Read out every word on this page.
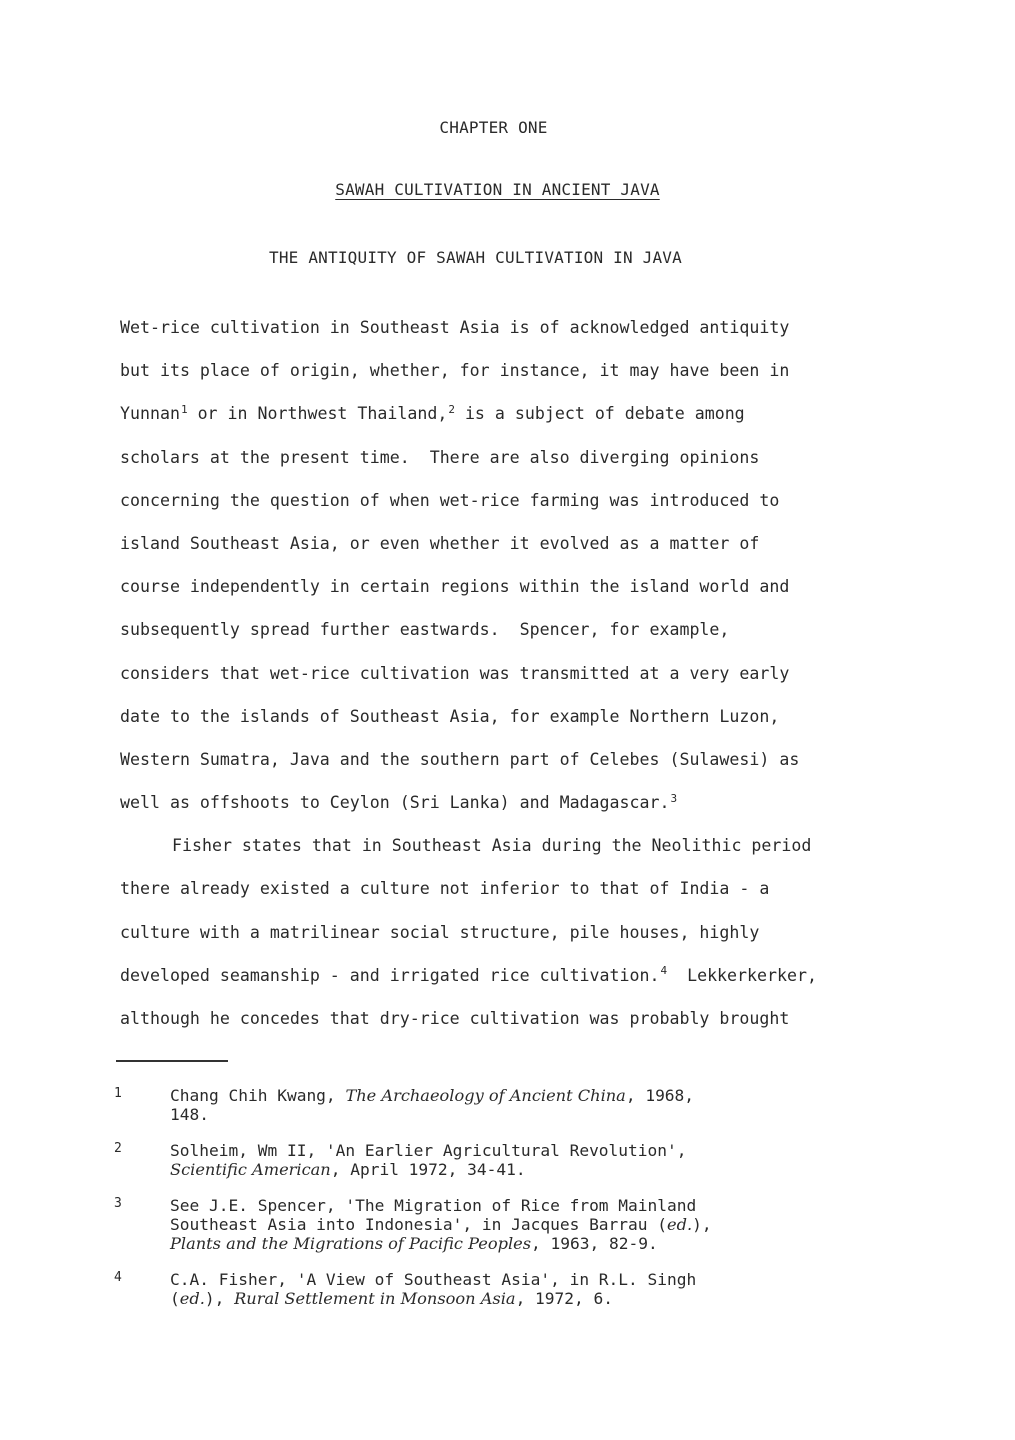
CHAPTER ONE
SAWAH CULTIVATION IN ANCIENT JAVA
THE ANTIQUITY OF SAWAH CULTIVATION IN JAVA
Wet-rice cultivation in Southeast Asia is of acknowledged antiquity
but its place of origin, whether, for instance, it may have been in
Yunnan$^1$ or in Northwest Thailand,$^2$ is a subject of debate among
scholars at the present time.  There are also diverging opinions
concerning the question of when wet-rice farming was introduced to
island Southeast Asia, or even whether it evolved as a matter of
course independently in certain regions within the island world and
subsequently spread further eastwards.  Spencer, for example,
considers that wet-rice cultivation was transmitted at a very early
date to the islands of Southeast Asia, for example Northern Luzon,
Western Sumatra, Java and the southern part of Celebes (Sulawesi) as
well as offshoots to Ceylon (Sri Lanka) and Madagascar.$^3$
Fisher states that in Southeast Asia during the Neolithic period
there already existed a culture not inferior to that of India - a
culture with a matrilinear social structure, pile houses, highly
developed seamanship - and irrigated rice cultivation.$^4$  Lekkerkerker,
although he concedes that dry-rice cultivation was probably brought
1	Chang Chih Kwang, The Archaeology of Ancient China, 1968,
148.
2	Solheim, Wm II, 'An Earlier Agricultural Revolution',
Scientific American, April 1972, 34-41.
3	See J.E. Spencer, 'The Migration of Rice from Mainland
Southeast Asia into Indonesia', in Jacques Barrau (ed.),
Plants and the Migrations of Pacific Peoples, 1963, 82-9.
4	C.A. Fisher, 'A View of Southeast Asia', in R.L. Singh
(ed.), Rural Settlement in Monsoon Asia, 1972, 6.
